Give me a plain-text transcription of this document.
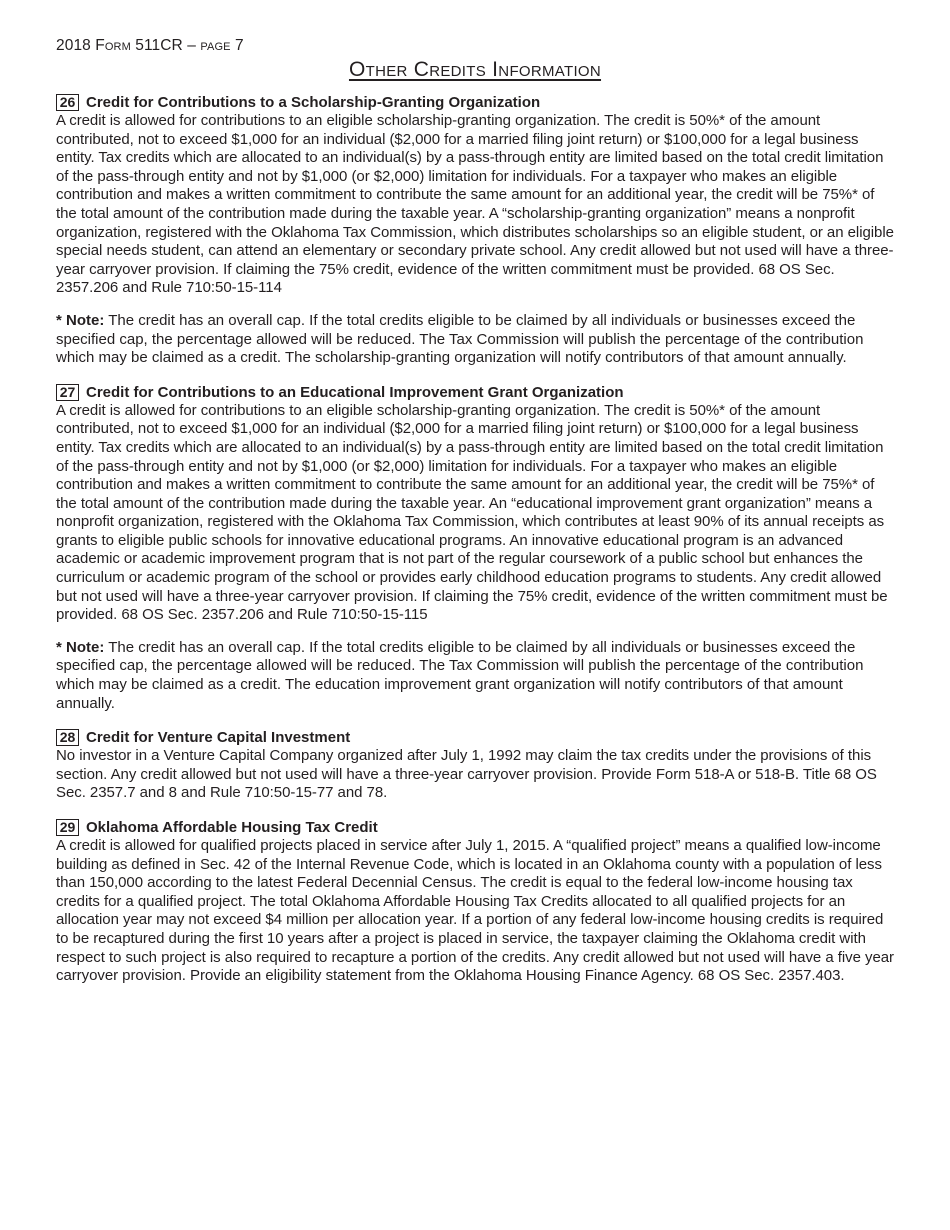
2018 Form 511CR – page 7

Other Credits Information
26 Credit for Contributions to a Scholarship-Granting Organization

A credit is allowed for contributions to an eligible scholarship-granting organization. The credit is 50%* of the amount contributed, not to exceed $1,000 for an individual ($2,000 for a married filing joint return) or $100,000 for a legal business entity. Tax credits which are allocated to an individual(s) by a pass-through entity are limited based on the total credit limitation of the pass-through entity and not by $1,000 (or $2,000) limitation for individuals. For a taxpayer who makes an eligible contribution and makes a written commitment to contribute the same amount for an additional year, the credit will be 75%* of the total amount of the contribution made during the taxable year. A “scholarship-granting organization” means a nonprofit organization, registered with the Oklahoma Tax Commission, which distributes scholarships so an eligible student, or an eligible special needs student, can attend an elementary or secondary private school. Any credit allowed but not used will have a three-year carryover provision. If claiming the 75% credit, evidence of the written commitment must be provided. 68 OS Sec. 2357.206 and Rule 710:50-15-114

* Note: The credit has an overall cap. If the total credits eligible to be claimed by all individuals or businesses exceed the specified cap, the percentage allowed will be reduced. The Tax Commission will publish the percentage of the contribution which may be claimed as a credit. The scholarship-granting organization will notify contributors of that amount annually.

27 Credit for Contributions to an Educational Improvement Grant Organization

A credit is allowed for contributions to an eligible scholarship-granting organization. The credit is 50%* of the amount contributed, not to exceed $1,000 for an individual ($2,000 for a married filing joint return) or $100,000 for a legal business entity. Tax credits which are allocated to an individual(s) by a pass-through entity are limited based on the total credit limitation of the pass-through entity and not by $1,000 (or $2,000) limitation for individuals. For a taxpayer who makes an eligible contribution and makes a written commitment to contribute the same amount for an additional year, the credit will be 75%* of the total amount of the contribution made during the taxable year. An “educational improvement grant organization” means a nonprofit organization, registered with the Oklahoma Tax Commission, which contributes at least 90% of its annual receipts as grants to eligible public schools for innovative educational programs. An innovative educational program is an advanced academic or academic improvement program that is not part of the regular coursework of a public school but enhances the curriculum or academic program of the school or provides early childhood education programs to students. Any credit allowed but not used will have a three-year carryover provision. If claiming the 75% credit, evidence of the written commitment must be provided. 68 OS Sec. 2357.206 and Rule 710:50-15-115

* Note: The credit has an overall cap. If the total credits eligible to be claimed by all individuals or businesses exceed the specified cap, the percentage allowed will be reduced. The Tax Commission will publish the percentage of the contribution which may be claimed as a credit. The education improvement grant organization will notify contributors of that amount annually.

28 Credit for Venture Capital Investment

No investor in a Venture Capital Company organized after July 1, 1992 may claim the tax credits under the provisions of this section. Any credit allowed but not used will have a three-year carryover provision. Provide Form 518-A or 518-B. Title 68 OS Sec. 2357.7 and 8 and Rule 710:50-15-77 and 78.

29 Oklahoma Affordable Housing Tax Credit

A credit is allowed for qualified projects placed in service after July 1, 2015. A “qualified project” means a qualified low-income building as defined in Sec. 42 of the Internal Revenue Code, which is located in an Oklahoma county with a population of less than 150,000 according to the latest Federal Decennial Census. The credit is equal to the federal low-income housing tax credits for a qualified project. The total Oklahoma Affordable Housing Tax Credits allocated to all qualified projects for an allocation year may not exceed $4 million per allocation year. If a portion of any federal low-income housing credits is required to be recaptured during the first 10 years after a project is placed in service, the taxpayer claiming the Oklahoma credit with respect to such project is also required to recapture a portion of the credits. Any credit allowed but not used will have a five year carryover provision. Provide an eligibility statement from the Oklahoma Housing Finance Agency. 68 OS Sec. 2357.403.
